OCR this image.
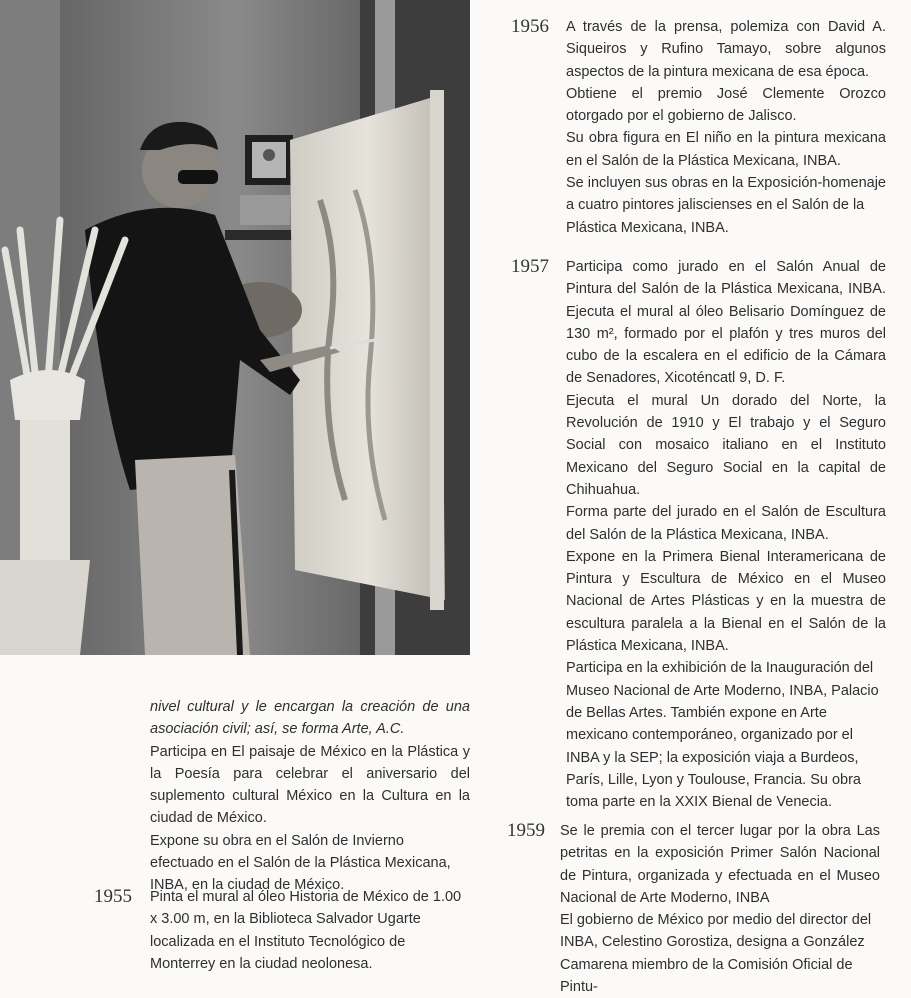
nivel cultural y le encargan la creación de una asociación civil; así, se forma Arte, A.C.

Participa en El paisaje de México en la Plástica y la Poesía para celebrar el aniversario del suplemento cultural México en la Cultura en la ciudad de México.

Expone su obra en el Salón de Invierno efectuado en el Salón de la Plástica Mexicana, INBA, en la ciudad de México.

1955 Pinta el mural al óleo Historia de México de 1.00 x 3.00 m, en la Biblioteca Salvador Ugarte localizada en el Instituto Tecnológico de Monterrey en la ciudad neolonesa.

1956 A través de la prensa, polemiza con David A. Siqueiros y Rufino Tamayo, sobre algunos aspectos de la pintura mexicana de esa época.

Obtiene el premio José Clemente Orozco otorgado por el gobierno de Jalisco.

Su obra figura en El niño en la pintura mexicana en el Salón de la Plástica Mexicana, INBA.

Se incluyen sus obras en la Exposición-homenaje a cuatro pintores jaliscienses en el Salón de la Plástica Mexicana, INBA.

1957 Participa como jurado en el Salón Anual de Pintura del Salón de la Plástica Mexicana, INBA. Ejecuta el mural al óleo Belisario Domínguez de 130 m², formado por el plafón y tres muros del cubo de la escalera en el edificio de la Cámara de Senadores, Xicoténcatl 9, D. F.

Ejecuta el mural Un dorado del Norte, la Revolución de 1910 y El trabajo y el Seguro Social con mosaico italiano en el Instituto Mexicano del Seguro Social en la capital de Chihuahua.

Forma parte del jurado en el Salón de Escultura del Salón de la Plástica Mexicana, INBA.

Expone en la Primera Bienal Interamericana de Pintura y Escultura de México en el Museo Nacional de Artes Plásticas y en la muestra de escultura paralela a la Bienal en el Salón de la Plástica Mexicana, INBA.

Participa en la exhibición de la Inauguración del Museo Nacional de Arte Moderno, INBA, Palacio de Bellas Artes. También expone en Arte mexicano contemporáneo, organizado por el INBA y la SEP; la exposición viaja a Burdeos, París, Lille, Lyon y Toulouse, Francia. Su obra toma parte en la XXIX Bienal de Venecia.

1959 Se le premia con el tercer lugar por la obra Las petritas en la exposición Primer Salón Nacional de Pintura, organizada y efectuada en el Museo Nacional de Arte Moderno, INBA

El gobierno de México por medio del director del INBA, Celestino Gorostiza, designa a González Camarena miembro de la Comisión Oficial de Pintu-
